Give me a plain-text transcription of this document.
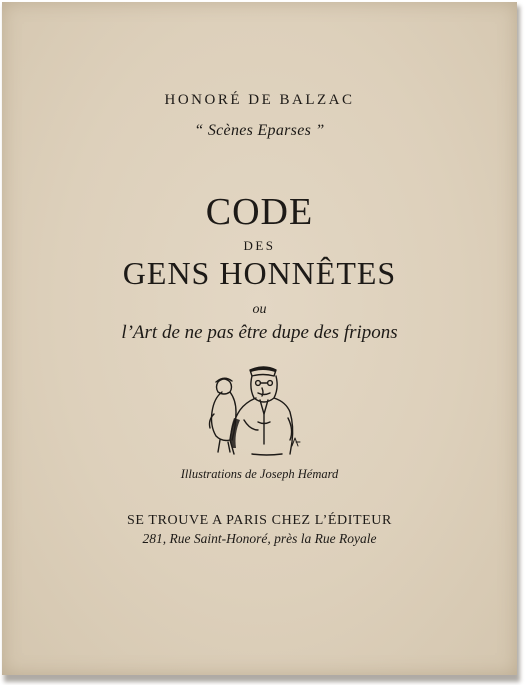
HONORÉ DE BALZAC
“ Scènes Eparses ”
CODE
DES
GENS HONNÊTES
ou
l’Art de ne pas être dupe des fripons
Illustrations de Joseph Hémard
SE TROUVE A PARIS CHEZ L’ÉDITEUR
281, Rue Saint-Honoré, près la Rue Royale
